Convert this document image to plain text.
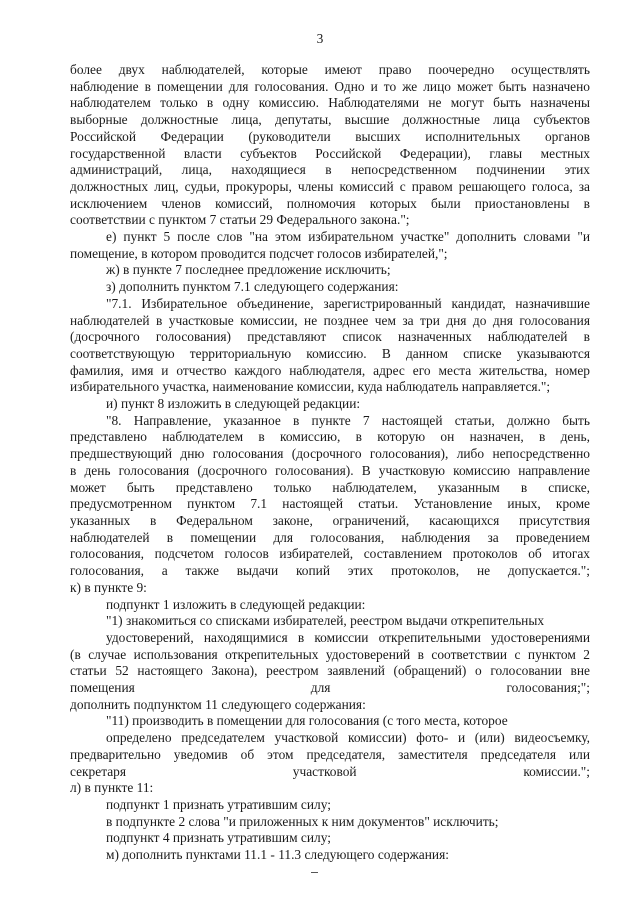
3

более двух наблюдателей, которые имеют право поочередно осуществлять

наблюдение в помещении для голосования. Одно и то же лицо может быть назначено

наблюдателем только в одну комиссию. Наблюдателями не могут быть назначены

выборные должностные лица, депутаты, высшие должностные лица субъектов

Российской Федерации (руководители высших исполнительных органов

государственной власти субъектов Российской Федерации), главы местных

администраций, лица, находящиеся в непосредственном подчинении этих

должностных лиц, судьи, прокуроры, члены комиссий с правом решающего голоса, за

исключением членов комиссий, полномочия которых были приостановлены в

соответствии с пунктом 7 статьи 29 Федерального закона.";

е) пункт 5 после слов "на этом избирательном участке" дополнить словами "и

помещение, в котором проводится подсчет голосов избирателей,";

ж) в пункте 7 последнее предложение исключить;

з) дополнить пунктом 7.1 следующего содержания:

"7.1. Избирательное объединение, зарегистрированный кандидат, назначившие

наблюдателей в участковые комиссии, не позднее чем за три дня до дня голосования

(досрочного голосования) представляют список назначенных наблюдателей в

соответствующую территориальную комиссию. В данном списке указываются

фамилия, имя и отчество каждого наблюдателя, адрес его места жительства, номер

избирательного участка, наименование комиссии, куда наблюдатель направляется.";

и) пункт 8 изложить в следующей редакции:

"8. Направление, указанное в пункте 7 настоящей статьи, должно быть

представлено наблюдателем в комиссию, в которую он назначен, в день,

предшествующий дню голосования (досрочного голосования), либо непосредственно

в день голосования (досрочного голосования). В участковую комиссию направление

может быть представлено только наблюдателем, указанным в списке,

предусмотренном пунктом 7.1 настоящей статьи. Установление иных, кроме

указанных в Федеральном законе, ограничений, касающихся присутствия

наблюдателей в помещении для голосования, наблюдения за проведением

голосования, подсчетом голосов избирателей, составлением протоколов об итогах

голосования, а также выдачи копий этих протоколов, не допускается.";

к) в пункте 9:

подпункт 1 изложить в следующей редакции:

"1) знакомиться со списками избирателей, реестром выдачи открепительных

удостоверений, находящимися в комиссии открепительными удостоверениями

(в случае использования открепительных удостоверений в соответствии с пунктом 2

статьи 52 настоящего Закона), реестром заявлений (обращений) о голосовании вне

помещения для голосования;";

дополнить подпунктом 11 следующего содержания:

"11) производить в помещении для голосования (с того места, которое

определено председателем участковой комиссии) фото- и (или) видеосъемку,

предварительно уведомив об этом председателя, заместителя председателя или

секретаря участковой комиссии.";

л) в пункте 11:

подпункт 1 признать утратившим силу;

в подпункте 2 слова "и приложенных к ним документов" исключить;

подпункт 4 признать утратившим силу;

м) дополнить пунктами 11.1 - 11.3 следующего содержания:
